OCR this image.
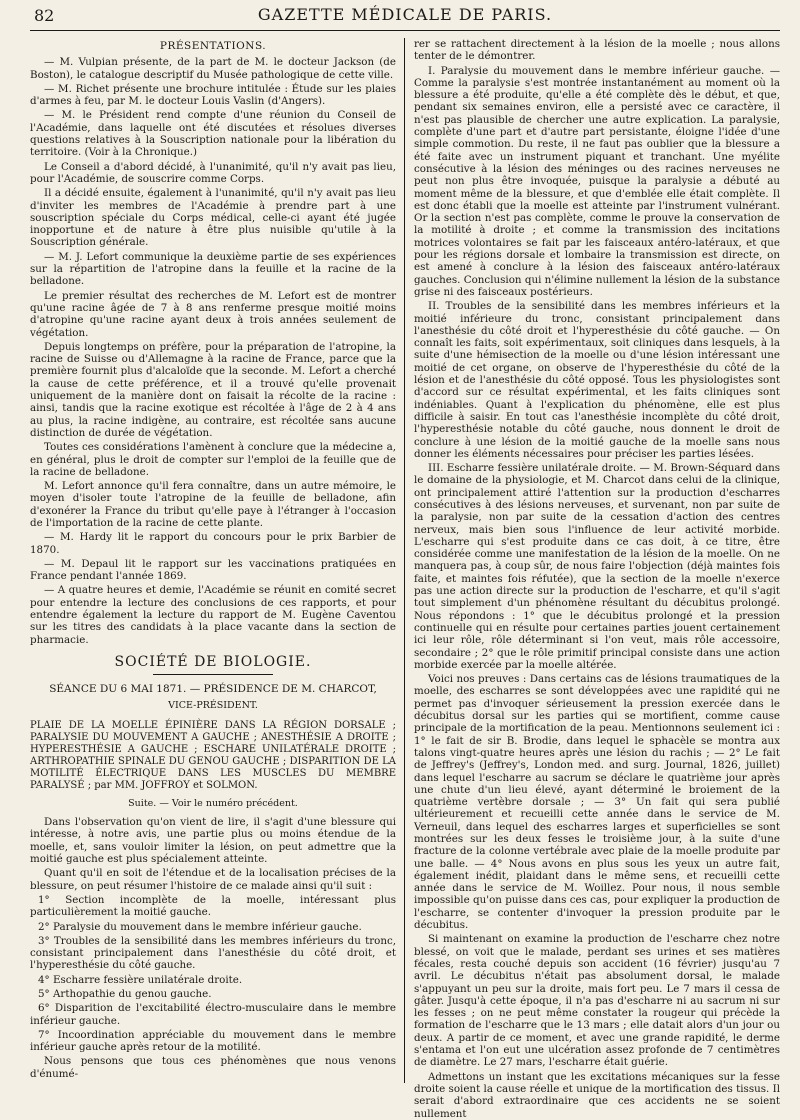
82	GAZETTE MÉDICALE DE PARIS.

PRÉSENTATIONS.

— M. Vulpian présente, de la part de M. le docteur Jackson (de Boston), le catalogue descriptif du Musée pathologique de cette ville.

— M. Richet présente une brochure intitulée : Étude sur les plaies d'armes à feu, par M. le docteur Louis Vaslin (d'Angers).

— M. le Président rend compte d'une réunion du Conseil de l'Académie, dans laquelle ont été discutées et résolues diverses questions relatives à la Souscription nationale pour la libération du territoire. (Voir à la Chronique.)

Le Conseil a d'abord décidé, à l'unanimité, qu'il n'y avait pas lieu, pour l'Académie, de souscrire comme Corps.

Il a décidé ensuite, également à l'unanimité, qu'il n'y avait pas lieu d'inviter les membres de l'Académie à prendre part à une souscription spéciale du Corps médical, celle-ci ayant été jugée inopportune et de nature à être plus nuisible qu'utile à la Souscription générale.

— M. J. Lefort communique la deuxième partie de ses expériences sur la répartition de l'atropine dans la feuille et la racine de la belladone.

Le premier résultat des recherches de M. Lefort est de montrer qu'une racine âgée de 7 à 8 ans renferme presque moitié moins d'atropine qu'une racine ayant deux à trois années seulement de végétation.

Depuis longtemps on préfère, pour la préparation de l'atropine, la racine de Suisse ou d'Allemagne à la racine de France, parce que la première fournit plus d'alcaloïde que la seconde. M. Lefort a cherché la cause de cette préférence, et il a trouvé qu'elle provenait uniquement de la manière dont on faisait la récolte de la racine : ainsi, tandis que la racine exotique est récoltée à l'âge de 2 à 4 ans au plus, la racine indigène, au contraire, est récoltée sans aucune distinction de durée de végétation.

Toutes ces considérations l'amènent à conclure que la médecine a, en général, plus le droit de compter sur l'emploi de la feuille que de la racine de belladone.

M. Lefort annonce qu'il fera connaître, dans un autre mémoire, le moyen d'isoler toute l'atropine de la feuille de belladone, afin d'exonérer la France du tribut qu'elle paye à l'étranger à l'occasion de l'importation de la racine de cette plante.

— M. Hardy lit le rapport du concours pour le prix Barbier de 1870.

— M. Depaul lit le rapport sur les vaccinations pratiquées en France pendant l'année 1869.

— A quatre heures et demie, l'Académie se réunit en comité secret pour entendre la lecture des conclusions de ces rapports, et pour entendre également la lecture du rapport de M. Eugène Caventou sur les titres des candidats à la place vacante dans la section de pharmacie.

SOCIÉTÉ DE BIOLOGIE.

SÉANCE DU 6 MAI 1871. — PRÉSIDENCE DE M. CHARCOT,

VICE-PRÉSIDENT.

PLAIE DE LA MOELLE ÉPINIÈRE DANS LA RÉGION DORSALE ; PARALYSIE DU MOUVEMENT A GAUCHE ; ANESTHÉSIE A DROITE ; HYPERESTHÉSIE A GAUCHE ; ESCHARE UNILATÉRALE DROITE ; ARTHROPATHIE SPINALE DU GENOU GAUCHE ; DISPARITION DE LA MOTILITÉ ÉLECTRIQUE DANS LES MUSCLES DU MEMBRE PARALYSÉ ; par MM. JOFFROY et SOLMON.

Suite. — Voir le numéro précédent.

Dans l'observation qu'on vient de lire, il s'agit d'une blessure qui intéresse, à notre avis, une partie plus ou moins étendue de la moelle, et, sans vouloir limiter la lésion, on peut admettre que la moitié gauche est plus spécialement atteinte.

Quant qu'il en soit de l'étendue et de la localisation précises de la blessure, on peut résumer l'histoire de ce malade ainsi qu'il suit :

1° Section incomplète de la moelle, intéressant plus particulièrement la moitié gauche.

2° Paralysie du mouvement dans le membre inférieur gauche.

3° Troubles de la sensibilité dans les membres inférieurs du tronc, consistant principalement dans l'anesthésie du côté droit, et l'hyperesthésie du côté gauche.

4° Escharre fessière unilatérale droite.

5° Arthopathie du genou gauche.

6° Disparition de l'excitabilité électro-musculaire dans le membre inférieur gauche.

7° Incoordination appréciable du mouvement dans le membre inférieur gauche après retour de la motilité.

Nous pensons que tous ces phénomènes que nous venons d'énumé-

rer se rattachent directement à la lésion de la moelle ; nous allons tenter de le démontrer.

I. Paralysie du mouvement dans le membre inférieur gauche. —Comme la paralysie s'est montrée instantanément au moment où la blessure a été produite, qu'elle a été complète dès le début, et que, pendant six semaines environ, elle a persisté avec ce caractère, il n'est pas plausible de chercher une autre explication. La paralysie, complète d'une part et d'autre part persistante, éloigne l'idée d'une simple commotion. Du reste, il ne faut pas oublier que la blessure a été faite avec un instrument piquant et tranchant. Une myélite consécutive à la lésion des méninges ou des racines nerveuses ne peut non plus être invoquée, puisque la paralysie a débuté au moment même de la blessure, et que d'emblée elle était complète. Il est donc établi que la moelle est atteinte par l'instrument vulnérant. Or la section n'est pas complète, comme le prouve la conservation de la motilité à droite ; et comme la transmission des incitations motrices volontaires se fait par les faisceaux antéro-latéraux, et que pour les régions dorsale et lombaire la transmission est directe, on est amené à conclure à la lésion des faisceaux antéro-latéraux gauches. Conclusion qui n'élimine nullement la lésion de la substance grise ni des faisceaux postérieurs.

II. Troubles de la sensibilité dans les membres inférieurs et la moitié inférieure du tronc, consistant principalement dans l'anesthésie du côté droit et l'hyperesthésie du côté gauche. — On connaît les faits, soit expérimentaux, soit cliniques dans lesquels, à la suite d'une hémisection de la moelle ou d'une lésion intéressant une moitié de cet organe, on observe de l'hyperesthésie du côté de la lésion et de l'anesthésie du côté opposé. Tous les physiologistes sont d'accord sur ce résultat expérimental, et les faits cliniques sont indéniables. Quant à l'explication du phénomène, elle est plus difficile à saisir. En tout cas l'anesthésie incomplète du côté droit, l'hyperesthésie notable du côté gauche, nous donnent le droit de conclure à une lésion de la moitié gauche de la moelle sans nous donner les éléments nécessaires pour préciser les parties lésées.

III. Escharre fessière unilatérale droite. — M. Brown-Séquard dans le domaine de la physiologie, et M. Charcot dans celui de la clinique, ont principalement attiré l'attention sur la production d'escharres consécutives à des lésions nerveuses, et survenant, non par suite de la paralysie, non par suite de la cessation d'action des centres nerveux, mais bien sous l'influence de leur activité morbide. L'escharre qui s'est produite dans ce cas doit, à ce titre, être considérée comme une manifestation de la lésion de la moelle. On ne manquera pas, à coup sûr, de nous faire l'objection (déjà maintes fois faite, et maintes fois réfutée), que la section de la moelle n'exerce pas une action directe sur la production de l'escharre, et qu'il s'agit tout simplement d'un phénomène résultant du décubitus prolongé. Nous répondons : 1° que le décubitus prolongé et la pression continuelle qui en résulte pour certaines parties jouent certainement ici leur rôle, rôle déterminant si l'on veut, mais rôle accessoire, secondaire ; 2° que le rôle primitif principal consiste dans une action morbide exercée par la moelle altérée.

Voici nos preuves : Dans certains cas de lésions traumatiques de la moelle, des escharres se sont développées avec une rapidité qui ne permet pas d'invoquer sérieusement la pression exercée dans le décubitus dorsal sur les parties qui se mortifient, comme cause principale de la mortification de la peau. Mentionnons seulement ici : 1° le fait de sir B. Brodie, dans lequel le sphacèle se montra aux talons vingt-quatre heures après une lésion du rachis ; — 2° Le fait de Jeffrey's (Jeffrey's, London med. and surg. Journal, 1826, juillet) dans lequel l'escharre au sacrum se déclare le quatrième jour après une chute d'un lieu élevé, ayant déterminé le broiement de la quatrième vertèbre dorsale ; — 3° Un fait qui sera publié ultérieurement et recueilli cette année dans le service de M. Verneuil, dans lequel des escharres larges et superficielles se sont montrées sur les deux fesses le troisième jour, à la suite d'une fracture de la colonne vertébrale avec plaie de la moelle produite par une balle. — 4° Nous avons en plus sous les yeux un autre fait, également inédit, plaidant dans le même sens, et recueilli cette année dans le service de M. Woillez. Pour nous, il nous semble impossible qu'on puisse dans ces cas, pour expliquer la production de l'escharre, se contenter d'invoquer la pression produite par le décubitus.

Si maintenant on examine la production de l'escharre chez notre blessé, on voit que le malade, perdant ses urines et ses matières fécales, resta couché depuis son accident (16 février) jusqu'au 7 avril. Le décubitus n'était pas absolument dorsal, le malade s'appuyant un peu sur la droite, mais fort peu. Le 7 mars il cessa de gâter. Jusqu'à cette époque, il n'a pas d'escharre ni au sacrum ni sur les fesses ; on ne peut même constater la rougeur qui précède la formation de l'escharre que le 13 mars ; elle datait alors d'un jour ou deux. A partir de ce moment, et avec une grande rapidité, le derme s'entama et l'on eut une ulcération assez profonde de 7 centimètres de diamètre. Le 27 mars, l'escharre était guérie.

Admettons un instant que les excitations mécaniques sur la fesse droite soient la cause réelle et unique de la mortification des tissus. Il serait d'abord extraordinaire que ces accidents ne se soient nullement
